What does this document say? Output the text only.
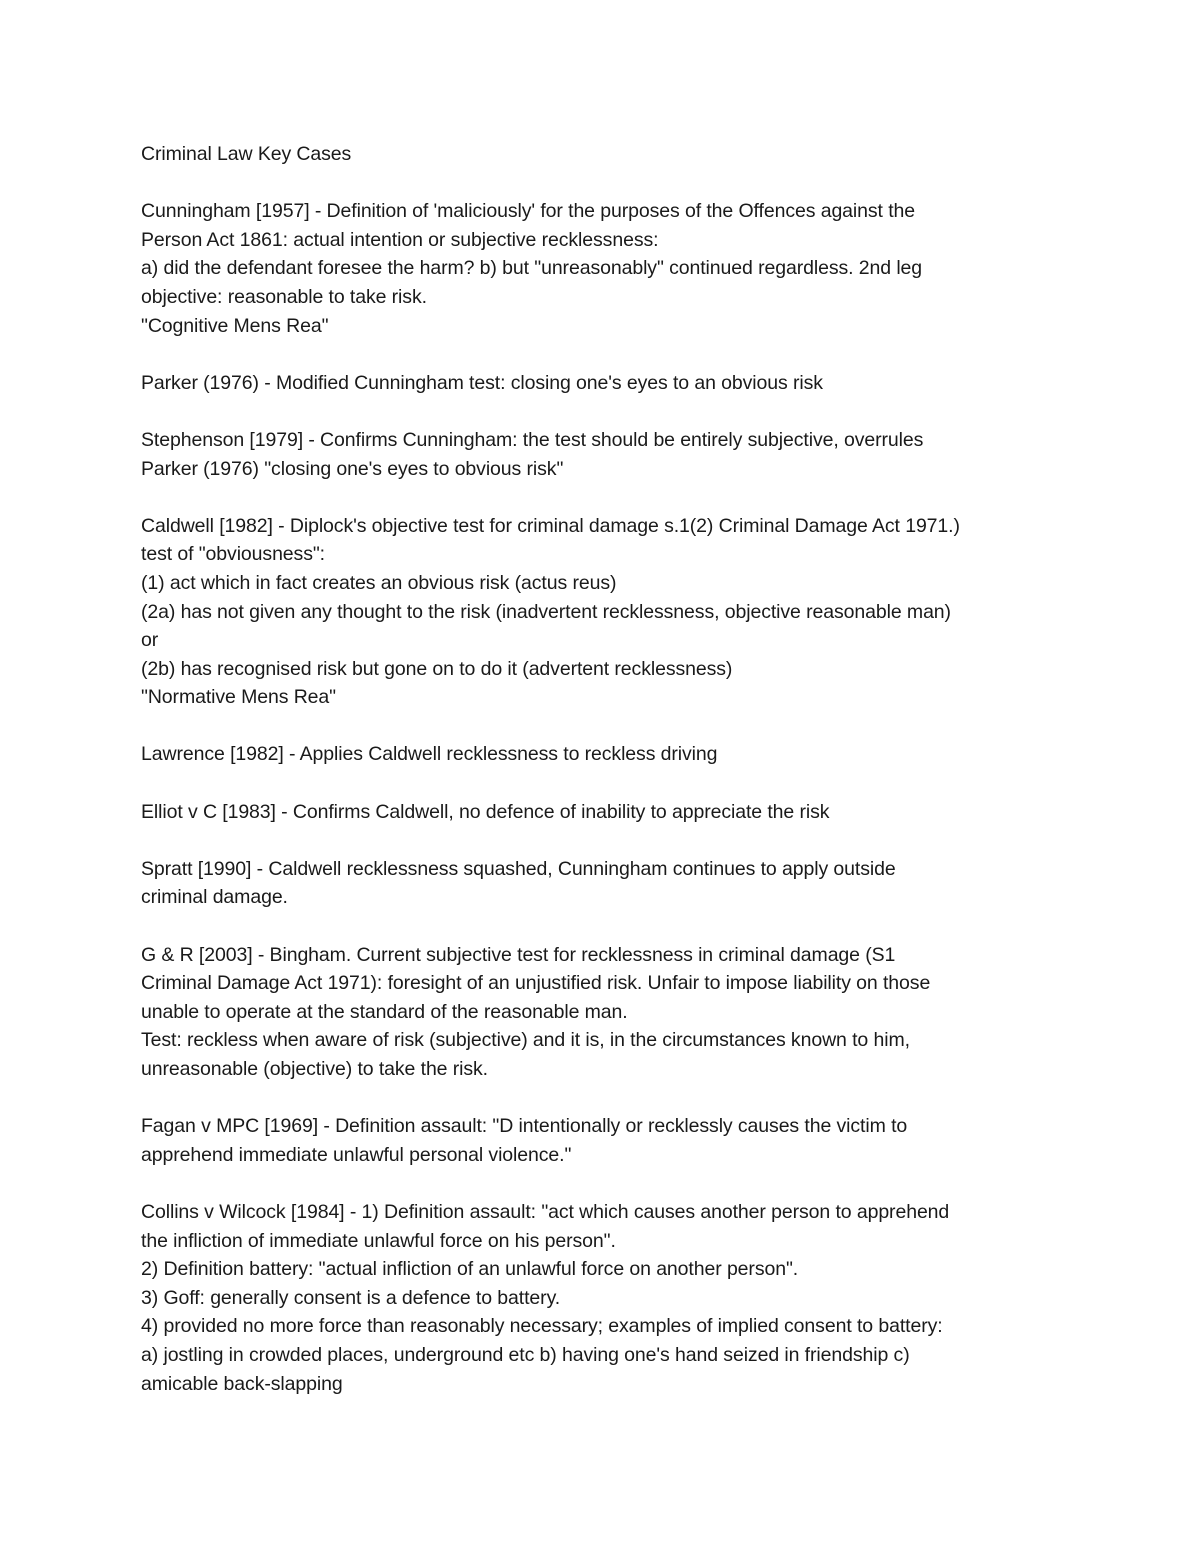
Criminal Law Key Cases
Cunningham [1957] - Definition of 'maliciously' for the purposes of the Offences against the
Person Act 1861: actual intention or subjective recklessness:
a) did the defendant foresee the harm? b) but "unreasonably" continued regardless. 2nd leg
objective: reasonable to take risk.
"Cognitive Mens Rea"
Parker (1976) - Modified Cunningham test: closing one's eyes to an obvious risk
Stephenson [1979] - Confirms Cunningham: the test should be entirely subjective, overrules
Parker (1976) "closing one's eyes to obvious risk"
Caldwell [1982] - Diplock's objective test for criminal damage s.1(2) Criminal Damage Act 1971.)
test of "obviousness":
(1) act which in fact creates an obvious risk (actus reus)
(2a) has not given any thought to the risk (inadvertent recklessness, objective reasonable man)
or
(2b) has recognised risk but gone on to do it (advertent recklessness)
"Normative Mens Rea"
Lawrence [1982] - Applies Caldwell recklessness to reckless driving
Elliot v C [1983] - Confirms Caldwell, no defence of inability to appreciate the risk
Spratt [1990] - Caldwell recklessness squashed, Cunningham continues to apply outside
criminal damage.
G & R [2003] - Bingham. Current subjective test for recklessness in criminal damage (S1
Criminal Damage Act 1971): foresight of an unjustified risk. Unfair to impose liability on those
unable to operate at the standard of the reasonable man.
Test: reckless when aware of risk (subjective) and it is, in the circumstances known to him,
unreasonable (objective) to take the risk.
Fagan v MPC [1969] - Definition assault: "D intentionally or recklessly causes the victim to
apprehend immediate unlawful personal violence."
Collins v Wilcock [1984] - 1) Definition assault: "act which causes another person to apprehend
the infliction of immediate unlawful force on his person".
2) Definition battery: "actual infliction of an unlawful force on another person".
3) Goff: generally consent is a defence to battery.
4) provided no more force than reasonably necessary; examples of implied consent to battery:
a) jostling in crowded places, underground etc b) having one's hand seized in friendship c)
amicable back-slapping
